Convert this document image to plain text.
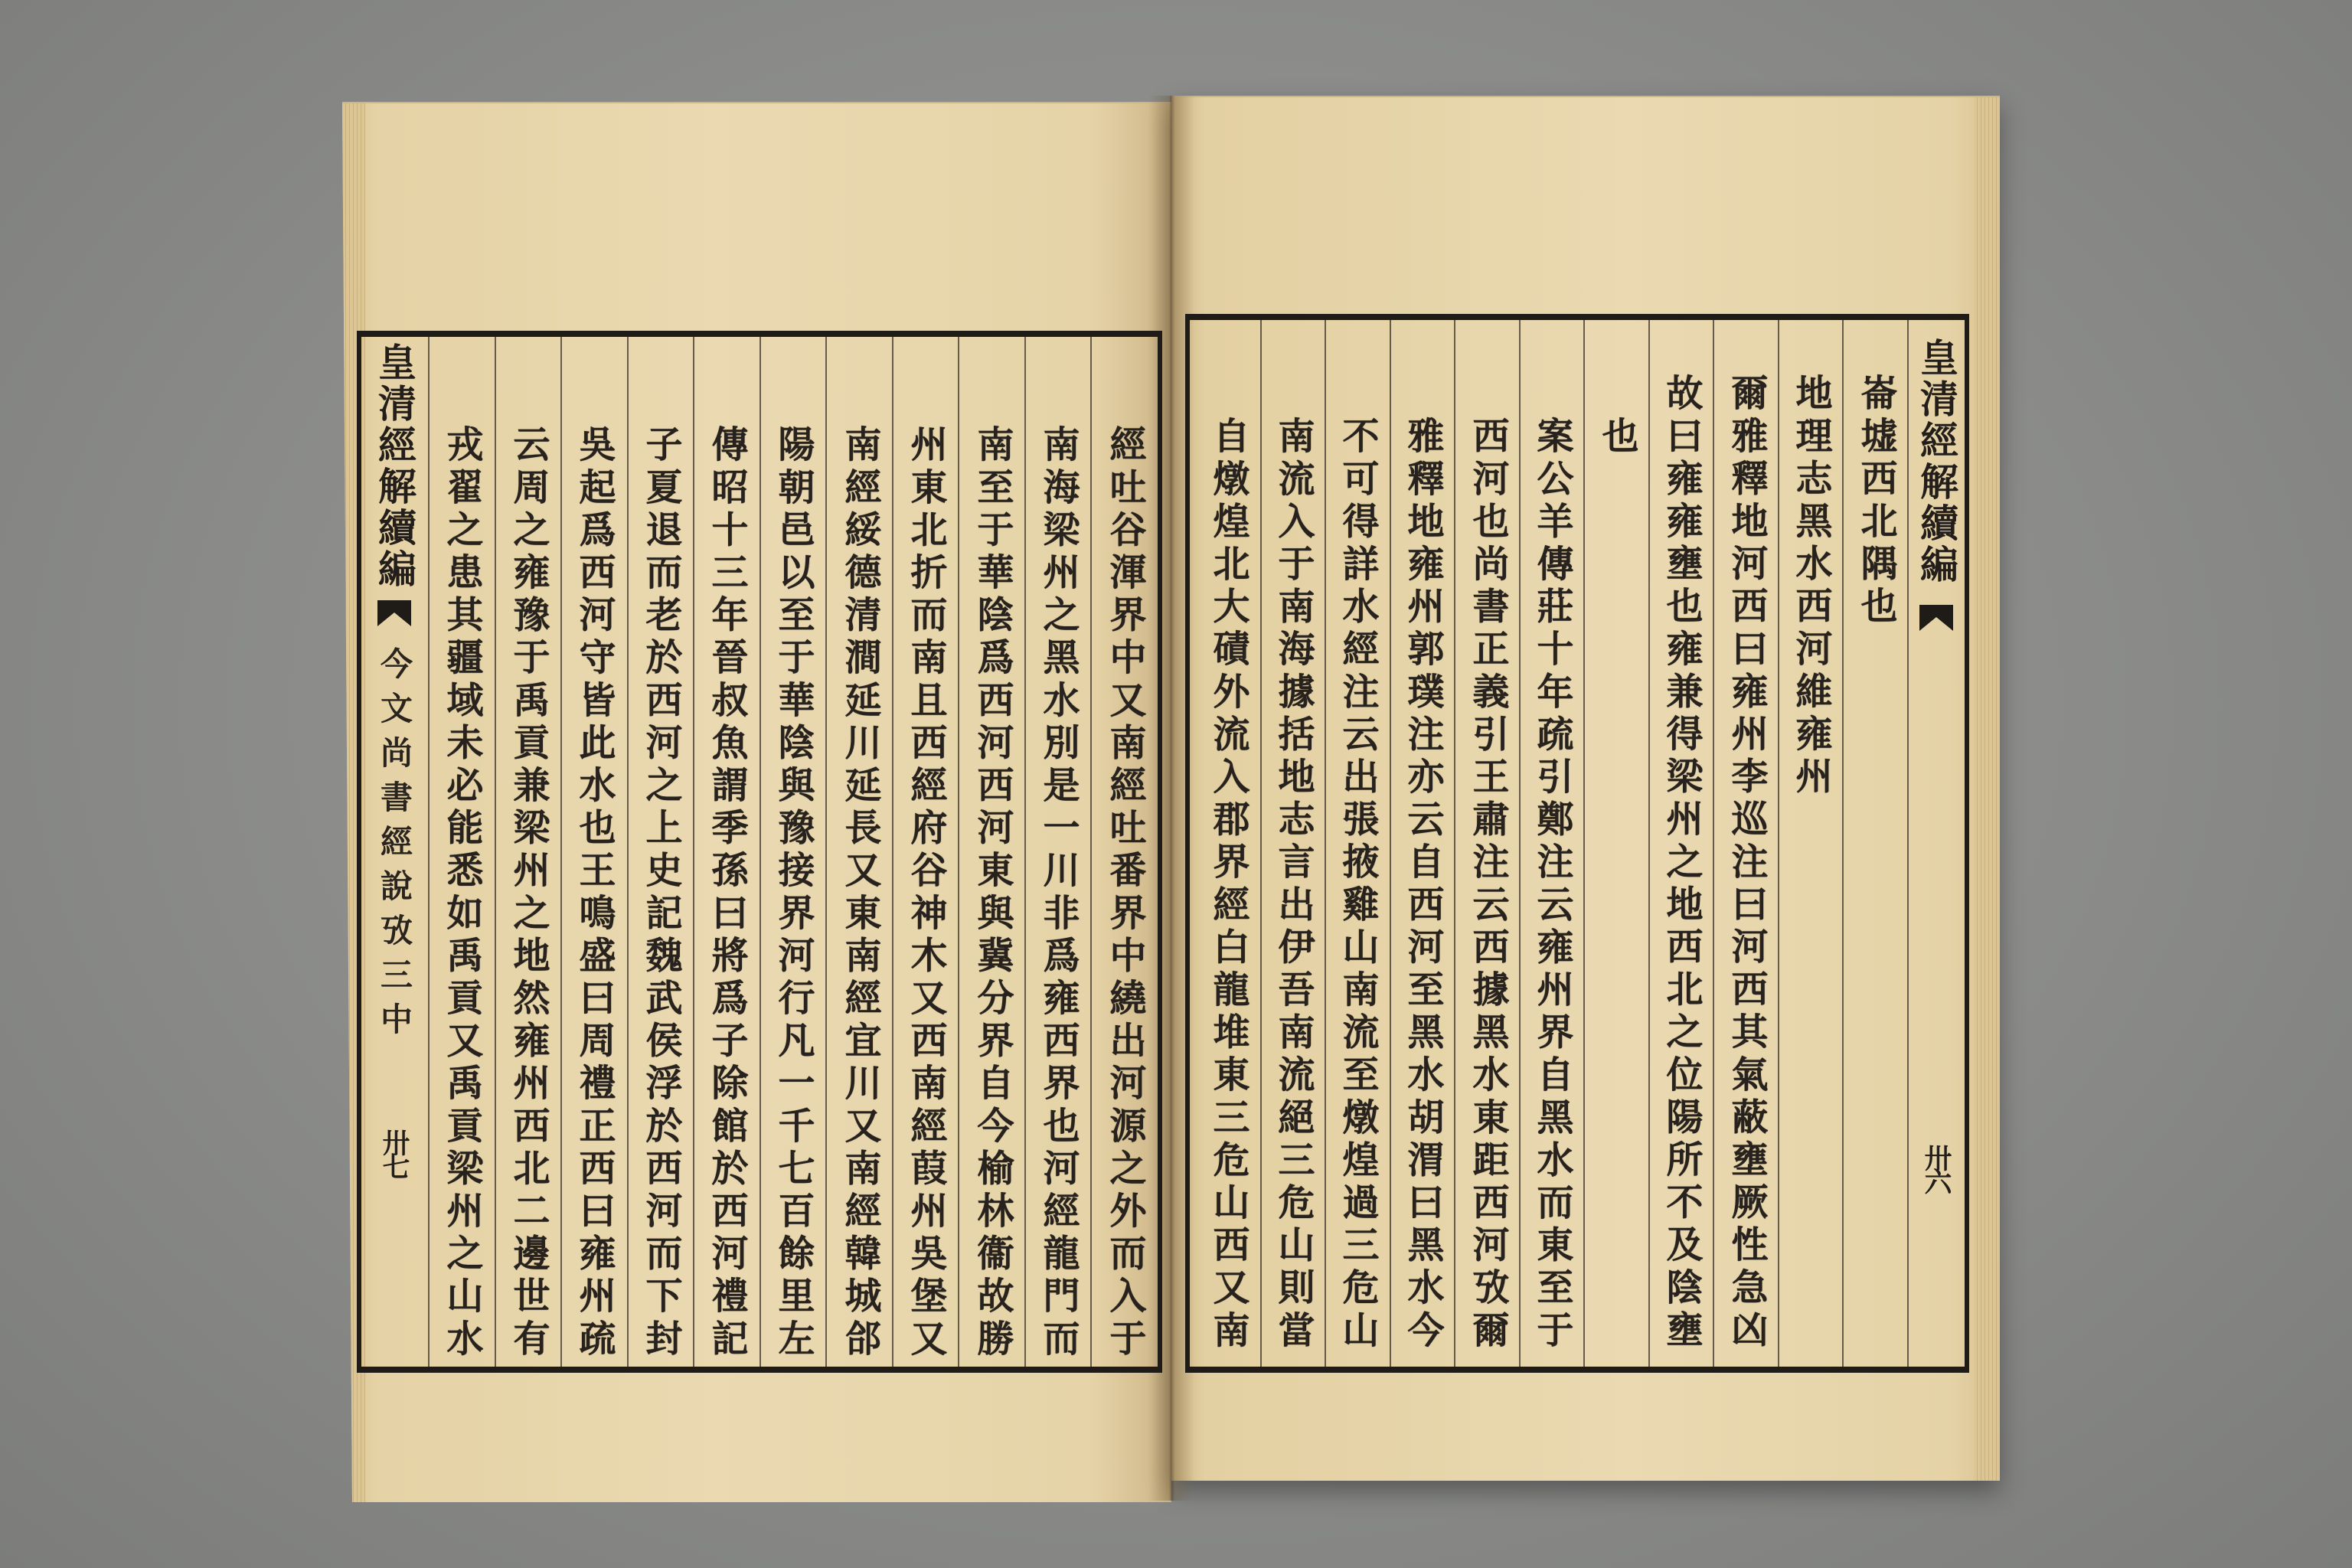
皇清經解續編
今文尚書經說攷三中
卅七	經吐谷渾界中又南經吐番界中繞出河源之外而入于
南海梁州之黑水別是一川非爲雍西界也河經龍門而
南至于華陰爲西河西河東與冀分界自今榆林衞故勝
州東北折而南且西經府谷神木又西南經葭州吳堡又
南經綏德清澗延川延長又東南經宜川又南經韓城郃
陽朝邑以至于華陰與豫接界河行凡一千七百餘里左
傳昭十三年晉叔魚謂季孫曰將爲子除館於西河禮記
子夏退而老於西河之上史記魏武侯浮於西河而下封
吳起爲西河守皆此水也王鳴盛曰周禮正西曰雍州疏
云周之雍豫于禹貢兼梁州之地然雍州西北二邊世有
戎翟之患其疆域未必能悉如禹貢又禹貢梁州之山水	皇清經解續編
卅六
崙墟西北隅也
地理志黑水西河維雍州
爾雅釋地河西曰雍州李巡注曰河西其氣蔽壅厥性急凶
故曰雍雍壅也雍兼得梁州之地西北之位陽所不及陰壅
也
案公羊傳莊十年疏引鄭注云雍州界自黑水而東至于
西河也尚書正義引王肅注云西據黑水東距西河攷爾
雅釋地雍州郭璞注亦云自西河至黑水胡渭曰黑水今
不可得詳水經注云出張掖雞山南流至燉煌過三危山
南流入于南海據括地志言出伊吾南流絕三危山則當
自燉煌北大磧外流入郡界經白龍堆東三危山西又南
